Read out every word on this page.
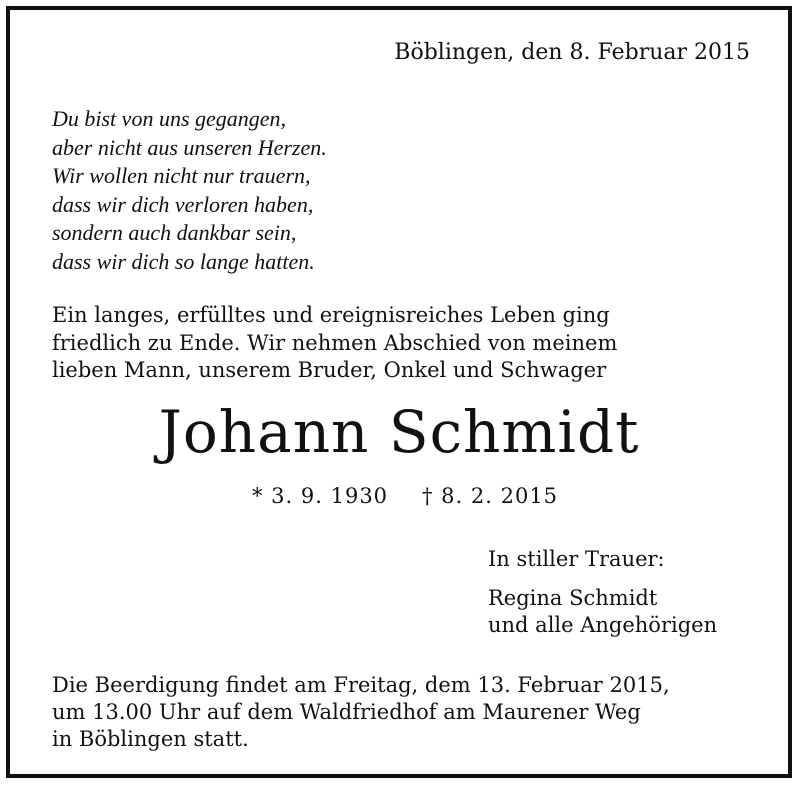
Böblingen, den 8. Februar 2015

Du bist von uns gegangen,
aber nicht aus unseren Herzen.
Wir wollen nicht nur trauern,
dass wir dich verloren haben,
sondern auch dankbar sein,
dass wir dich so lange hatten.
Ein langes, erfülltes und ereignisreiches Leben ging
friedlich zu Ende. Wir nehmen Abschied von meinem
lieben Mann, unserem Bruder, Onkel und Schwager
Johann Schmidt
* 3. 9. 1930 † 8. 2. 2015
In stiller Trauer:
Regina Schmidt
und alle Angehörigen
Die Beerdigung findet am Freitag, dem 13. Februar 2015,
um 13.00 Uhr auf dem Waldfriedhof am Maurener Weg
in Böblingen statt.
